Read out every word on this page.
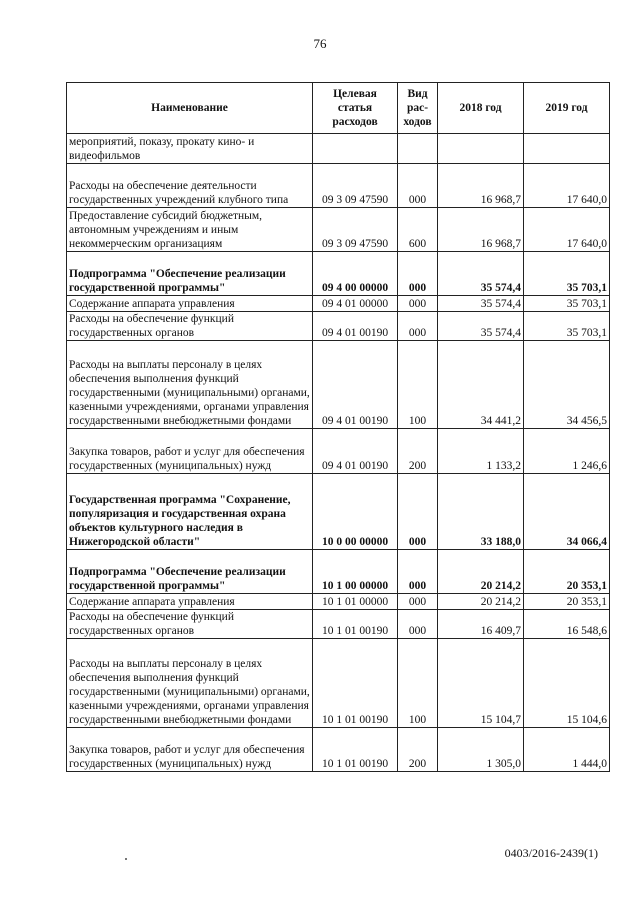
76
Наименование	Целевая статья расходов	Вид рас-ходов	2018 год	2019 год
мероприятий, показу, прокату кино- и видеофильмов				
Расходы на обеспечение деятельности государственных учреждений клубного типа	09 3 09 47590	000	16 968,7	17 640,0
Предоставление субсидий бюджетным, автономным учреждениям и иным некоммерческим организациям	09 3 09 47590	600	16 968,7	17 640,0
Подпрограмма "Обеспечение реализации государственной программы"	09 4 00 00000	000	35 574,4	35 703,1
Содержание аппарата управления	09 4 01 00000	000	35 574,4	35 703,1
Расходы на обеспечение функций государственных органов	09 4 01 00190	000	35 574,4	35 703,1
Расходы на выплаты персоналу в целях обеспечения выполнения функций государственными (муниципальными) органами, казенными учреждениями, органами управления государственными внебюджетными фондами	09 4 01 00190	100	34 441,2	34 456,5
Закупка товаров, работ и услуг для обеспечения государственных (муниципальных) нужд	09 4 01 00190	200	1 133,2	1 246,6
Государственная программа "Сохранение, популяризация и государственная охрана объектов культурного наследия в Нижегородской области"	10 0 00 00000	000	33 188,0	34 066,4
Подпрограмма "Обеспечение реализации государственной программы"	10 1 00 00000	000	20 214,2	20 353,1
Содержание аппарата управления	10 1 01 00000	000	20 214,2	20 353,1
Расходы на обеспечение функций государственных органов	10 1 01 00190	000	16 409,7	16 548,6
Расходы на выплаты персоналу в целях обеспечения выполнения функций государственными (муниципальными) органами, казенными учреждениями, органами управления государственными внебюджетными фондами	10 1 01 00190	100	15 104,7	15 104,6
Закупка товаров, работ и услуг для обеспечения государственных (муниципальных) нужд	10 1 01 00190	200	1 305,0	1 444,0
0403/2016-2439(1)
